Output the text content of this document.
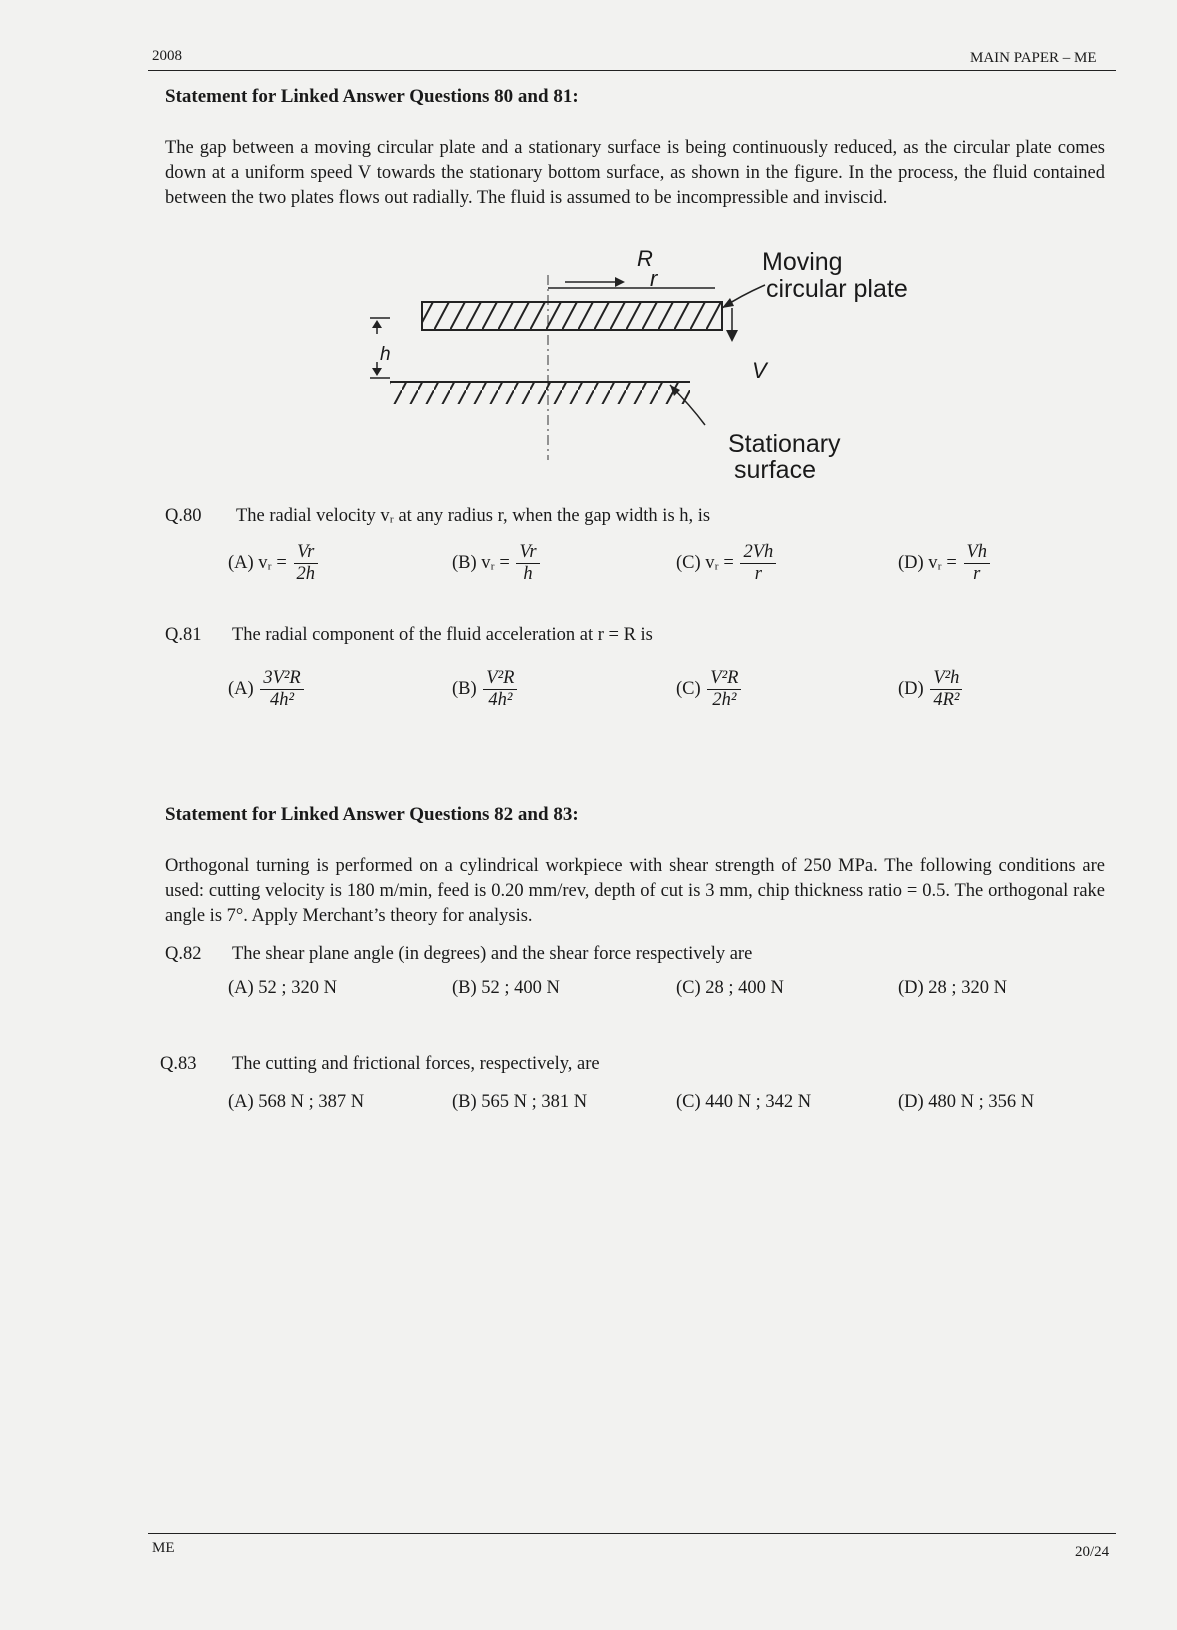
2008	MAIN PAPER – ME
Statement for Linked Answer Questions 80 and 81:
The gap between a moving circular plate and a stationary surface is being continuously reduced, as the circular plate comes down at a uniform speed V towards the stationary bottom surface, as shown in the figure. In the process, the fluid contained between the two plates flows out radially. The fluid is assumed to be incompressible and inviscid.
R
r
Moving
circular plate
h
V
Stationary
surface
Q.80 The radial velocity vᵣ at any radius r, when the gap width is h, is
(A) vᵣ = $\frac{Vr}{2h}$	(B) vᵣ = $\frac{Vr}{h}$	(C) vᵣ = $\frac{2Vh}{r}$	(D) vᵣ = $\frac{Vh}{r}$
Q.81 The radial component of the fluid acceleration at r = R is
$(A) \frac{\text{3V²R}}{\text{4h²}}$	$(B) \frac{\text{V²R}}{\text{4h²}}$	$(C) \frac{\text{V²R}}{\text{2h²}}$	$(D) \frac{\text{V²h}}{\text{4R²}}$
Statement for Linked Answer Questions 82 and 83:
Orthogonal turning is performed on a cylindrical workpiece with shear strength of 250 MPa. The following conditions are used: cutting velocity is 180 m/min, feed is 0.20 mm/rev, depth of cut is 3 mm, chip thickness ratio = 0.5. The orthogonal rake angle is 7°. Apply Merchant’s theory for analysis.
Q.82 The shear plane angle (in degrees) and the shear force respectively are
(A) 52 ; 320 N	(B) 52 ; 400 N	(C) 28 ; 400 N	(D) 28 ; 320 N
Q.83 The cutting and frictional forces, respectively, are
(A) 568 N ; 387 N	(B) 565 N ; 381 N	(C) 440 N ; 342 N	(D) 480 N ; 356 N
ME	20/24
